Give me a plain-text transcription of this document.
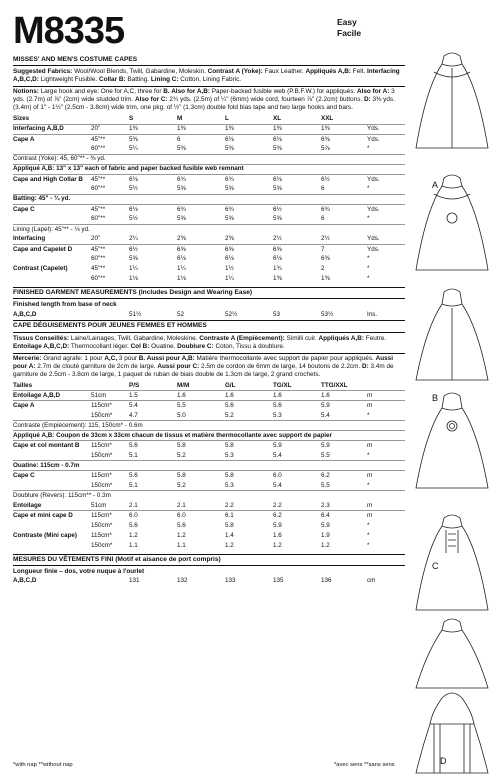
M8335	Easy
Facile
MISSES' AND MEN'S COSTUME CAPES
Suggested Fabrics: Wool/Wool Blends, Twill, Gabardine, Moleskin. Contrast A (Yoke): Faux Leather. Appliqués A,B: Felt. Interfacing A,B,C,D: Lightweight Fusible. Collar B: Batting. Lining C: Cotton, Lining Fabric.
Notions: Large hook and eye: One for A,C, three for B. Also for A,B: Paper-backed fusible web (P.B.F.W.) for appliqués. Also for A: 3 yds. (2.7m) of ⅞" (2cm) wide studded trim. Also for C: 2¾ yds. (2.5m) of ¼" (6mm) wide cord, fourteen ⅞" (2.2cm) buttons. D: 3⅜ yds. (3.4m) of 1" - 1½" (2.5cm - 3.8cm) wide trim, one pkg. of ½" (1.3cm) double fold bias tape and two large hooks and bars.
Sizes		S	M	L	XL	XXL	
Interfacing A,B,D	20"	1⅜	1⅜	1⅜	1⅜	1⅜	Yds.
Cape A	45"**	5⅜	6	6⅛	6⅛	6⅜	Yds.
	60"**	5¼	5⅜	5⅜	5⅜	5⅞	*
Contrast (Yoke): 45, 60"** - ⅜ yd.							
Appliqué A,B: 13" x 13" each of fabric and paper backed fusible web remnant							
Cape and High Collar B	45"**	6⅛	6¾	6¾	6⅛	6½	Yds.
	60"**	5½	5⅝	5⅝	5⅝	6	*
Batting: 45" - ¾ yd.							
Cape C	45"**	6⅛	6¾	6¾	6½	6¾	Yds.
	60"**	5½	5⅝	5⅝	5⅝	6	*
Lining (Lapel): 45"** - ⅛ yd.							
Interfacing	20"	2¼	2⅜	2⅜	2½	2½	Yds.
Cape and Capelet D	45"**	6½	6⅝	6⅝	6⅝	7	Yds.
	60"**	5⅝	6⅛	6⅛	6⅛	6⅜	*
Contrast (Capelet)	45"**	1¼	1¼	1½	1¾	2	*
	60"**	1⅛	1⅛	1¼	1⅜	1⅜	*
FINISHED GARMENT MEASUREMENTS (Includes Design and Wearing Ease)
Finished length from base of neck
A,B,C,D		51½	52	52½	53	53½	Ins.
CAPE DÉGUISEMENTS POUR JEUNES FEMMES ET HOMMES
Tissus Conseillés: Laine/Lainages, Twill, Gabardine, Moleskine. Contraste A (Empiècement): Similli cuir. Appliqués A,B: Feutre. Entoilage A,B,C,D: Thermocollant léger. Col B: Ouatine. Doublure C: Coton, Tissu à doublure.
Mercerie: Grand agrafe: 1 pour A,C, 3 pour B. Aussi pour A,B: Matière thermocollante avec support de papier pour appliqués. Aussi pour A: 2.7m de clouté garniture de 2cm de large. Aussi pour C: 2.5m de cordon de 6mm de large, 14 boutons de 2.2cm. D: 3.4m de garniture de 2.5cm - 3.8cm de large, 1 paquet de ruban de biais double de 1.3cm de large, 2 grand crochets.
Tailles		P/S	M/M	G/L	TG/XL	TTG/XXL	
Entoilage A,B,D	51cm	1.5	1.6	1.6	1.6	1.6	m
Cape A	115cm*	5.4	5.5	5.6	5.6	5.9	m
	150cm*	4.7	5.0	5.2	5.3	5.4	*
Contraste (Empiècement): 115, 150cm* - 0.6m							
Appliqué A,B: Coupon de 33cm x 33cm chacun de tissus et matière thermocollante avec support de papier							
Cape et col montant B	115cm*	5.6	5.8	5.8	5.9	5.9	m
	150cm*	5.1	5.2	5.3	5.4	5.5	*
Ouatine: 115cm - 0.7m							
Cape C	115cm*	5.6	5.8	5.8	6.0	6.2	m
	150cm*	5.1	5.2	5.3	5.4	5.5	*
Doublure (Revers): 115cm** - 0.3m							
Entoilage	51cm	2.1	2.1	2.2	2.2	2.3	m
Cape et mini cape D	115cm*	6.0	6.0	6.1	6.2	6.4	m
	150cm*	5.6	5.6	5.8	5.9	5.9	*
Contraste (Mini cape)	115cm*	1.2	1.2	1.4	1.6	1.9	*
	150cm*	1.1	1.1	1.2	1.2	1.2	*
MESURES DU VÊTEMENTS FINI (Motif et aisance de port compris)
Longueur finie – dos, votre nuque à l'ourlet
A,B,C,D		131	132	133	135	136	cm
*with nap **without nap	*avec sens **sans sens
A
B
C
D
